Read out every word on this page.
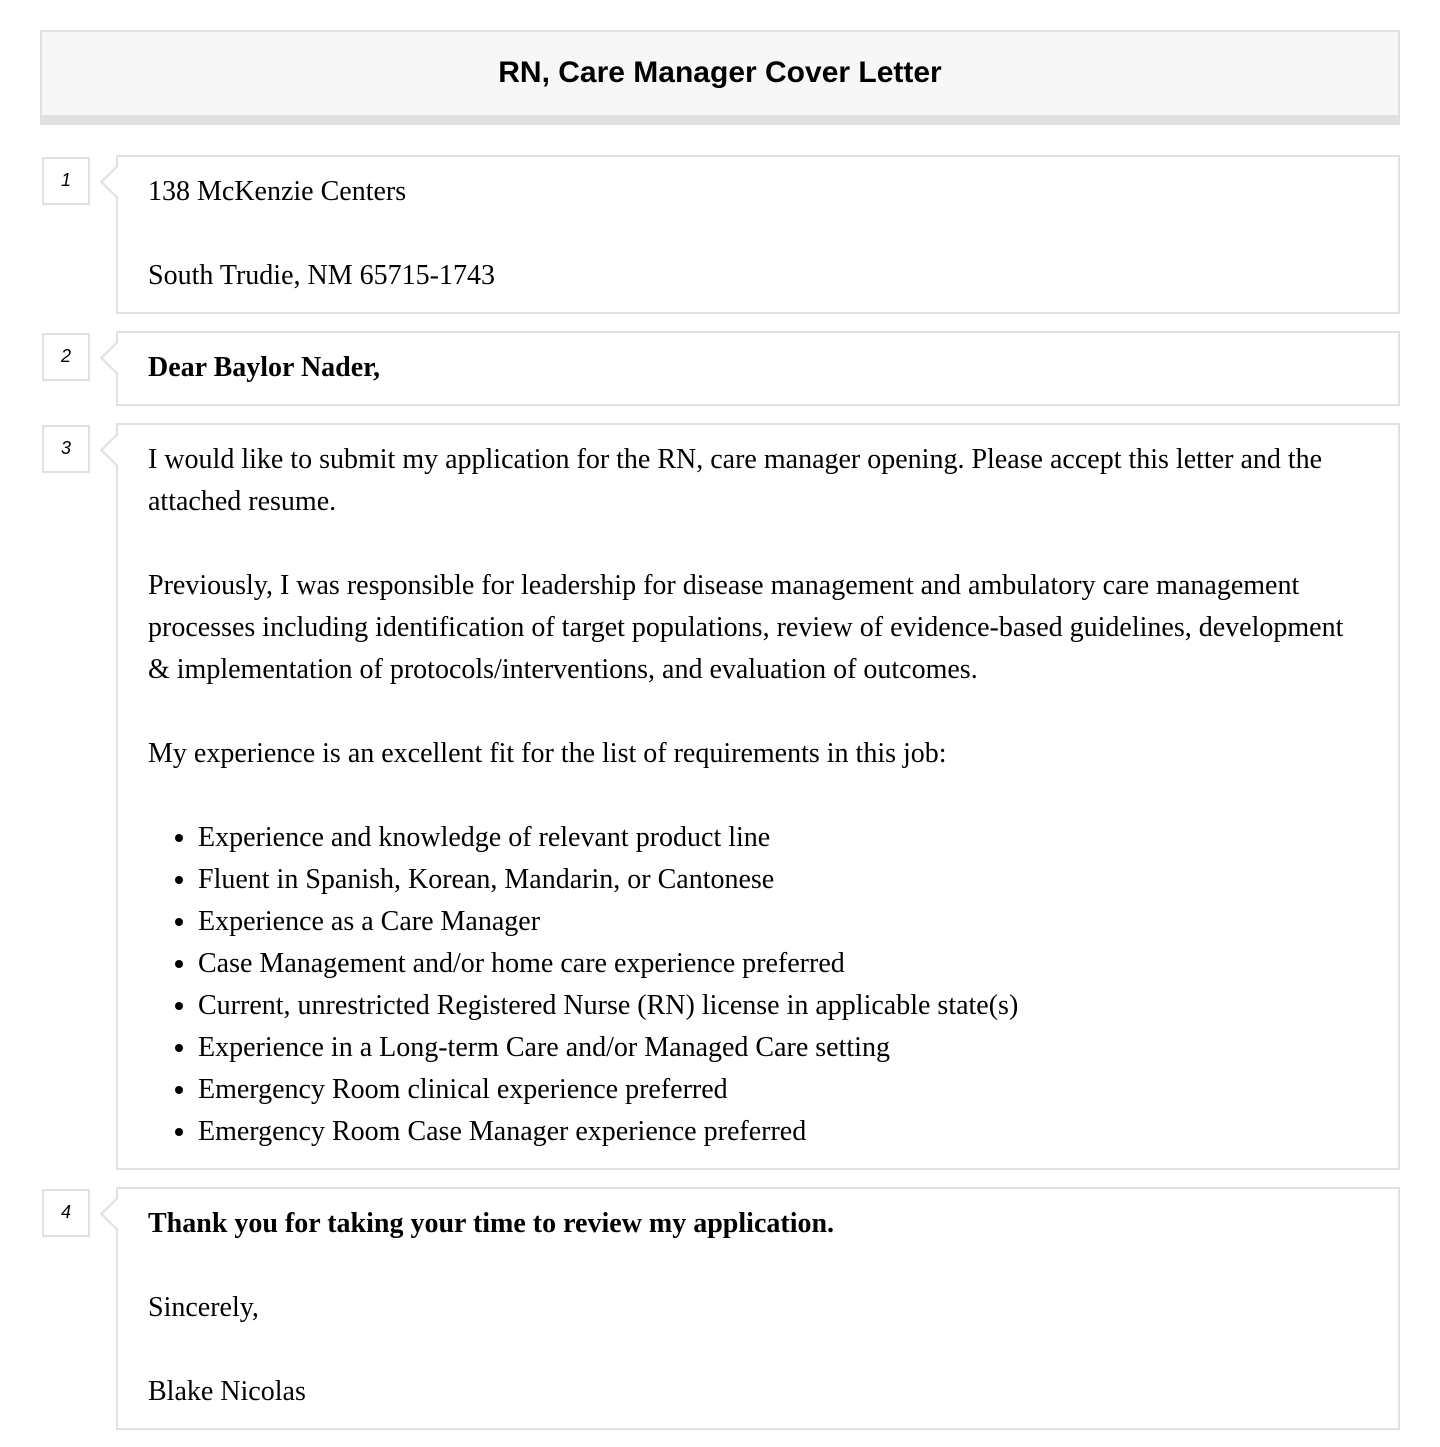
RN, Care Manager Cover Letter
1	138 McKenzie Centers

South Trudie, NM 65715-1743

2	Dear Baylor Nader,

3	I would like to submit my application for the RN, care manager opening. Please accept this letter and the attached resume.

Previously, I was responsible for leadership for disease management and ambulatory care management processes including identification of target populations, review of evidence-based guidelines, development & implementation of protocols/interventions, and evaluation of outcomes.

My experience is an excellent fit for the list of requirements in this job:

• Experience and knowledge of relevant product line
• Fluent in Spanish, Korean, Mandarin, or Cantonese
• Experience as a Care Manager
• Case Management and/or home care experience preferred
• Current, unrestricted Registered Nurse (RN) license in applicable state(s)
• Experience in a Long-term Care and/or Managed Care setting
• Emergency Room clinical experience preferred
• Emergency Room Case Manager experience preferred
4	Thank you for taking your time to review my application.

Sincerely,

Blake Nicolas
